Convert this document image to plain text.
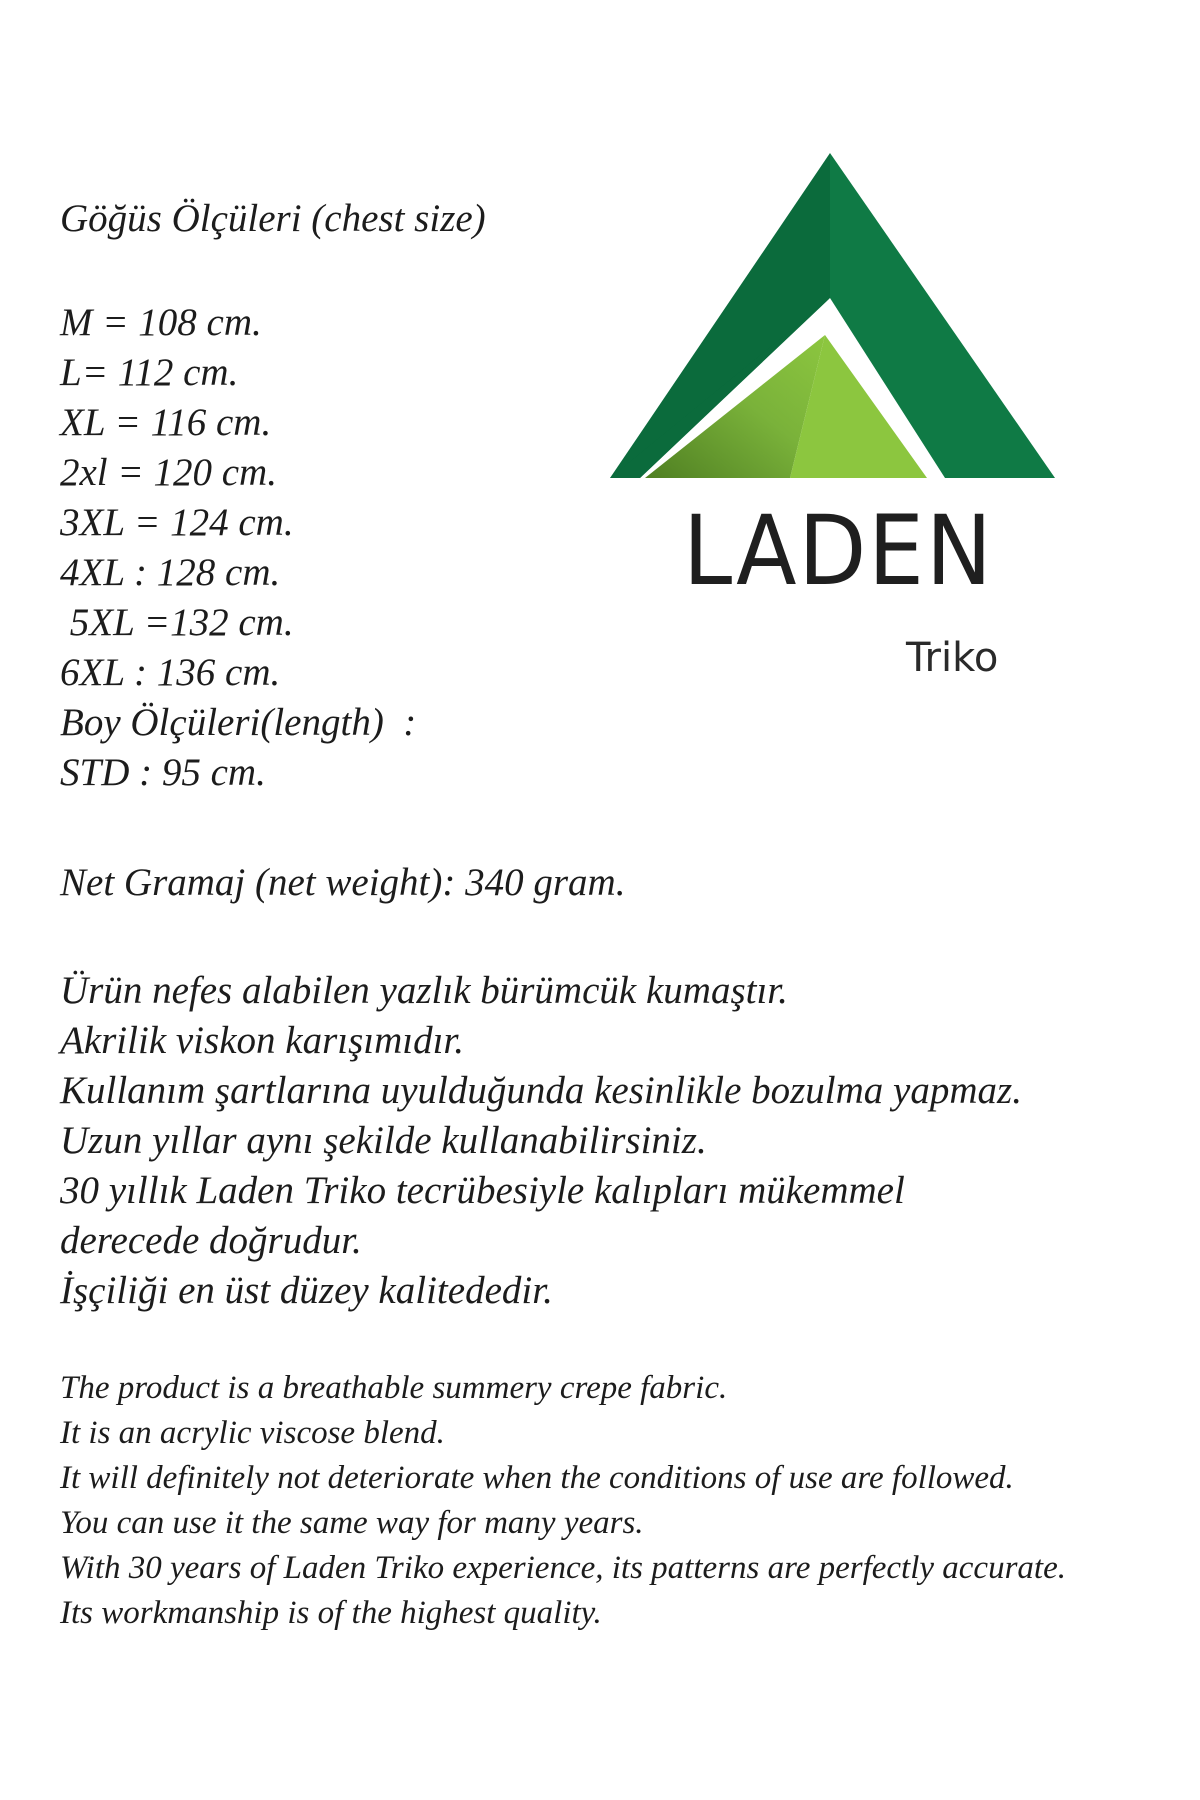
Göğüs Ölçüleri (chest size)
M = 108 cm.
L= 112 cm.
XL = 116 cm.
2xl = 120 cm.
3XL = 124 cm.
4XL : 128 cm.
5XL =132 cm.
6XL : 136 cm.
Boy Ölçüleri(length)  :
STD : 95 cm.
Net Gramaj (net weight): 340 gram.
Ürün nefes alabilen yazlık bürümcük kumaştır.
Akrilik viskon karışımıdır.
Kullanım şartlarına uyulduğunda kesinlikle bozulma yapmaz.
Uzun yıllar aynı şekilde kullanabilirsiniz.
30 yıllık Laden Triko tecrübesiyle kalıpları mükemmel
derecede doğrudur.
İşçiliği en üst düzey kalitededir.
The product is a breathable summery crepe fabric.
It is an acrylic viscose blend.
It will definitely not deteriorate when the conditions of use are followed.
You can use it the same way for many years.
With 30 years of Laden Triko experience, its patterns are perfectly accurate.
Its workmanship is of the highest quality.
LADEN
Triko
